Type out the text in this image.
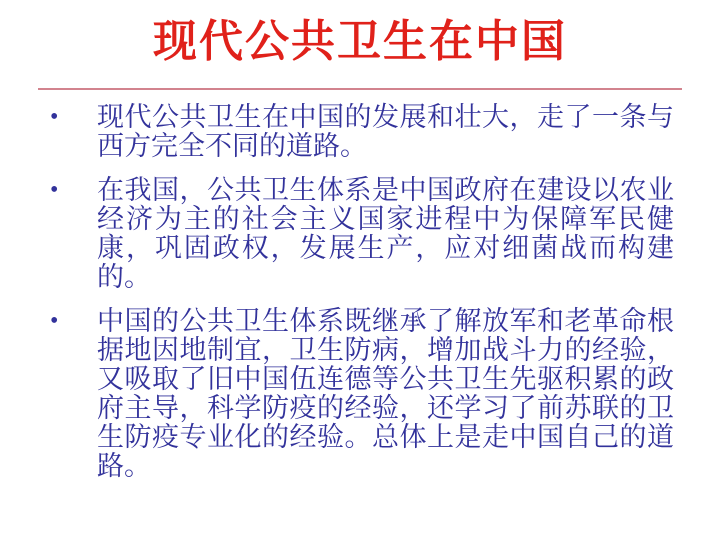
现代公共卫生在中国
•	现代公共卫生在中国的发展和壮大，走了一条与西方完全不同的道路。

•	在我国，公共卫生体系是中国政府在建设以农业经济为主的社会主义国家进程中为保障军民健康，巩固政权，发展生产，应对细菌战而构建的。

•	中国的公共卫生体系既继承了解放军和老革命根据地因地制宜，卫生防病，增加战斗力的经验，又吸取了旧中国伍连德等公共卫生先驱积累的政府主导，科学防疫的经验，还学习了前苏联的卫生防疫专业化的经验。总体上是走中国自己的道路。
